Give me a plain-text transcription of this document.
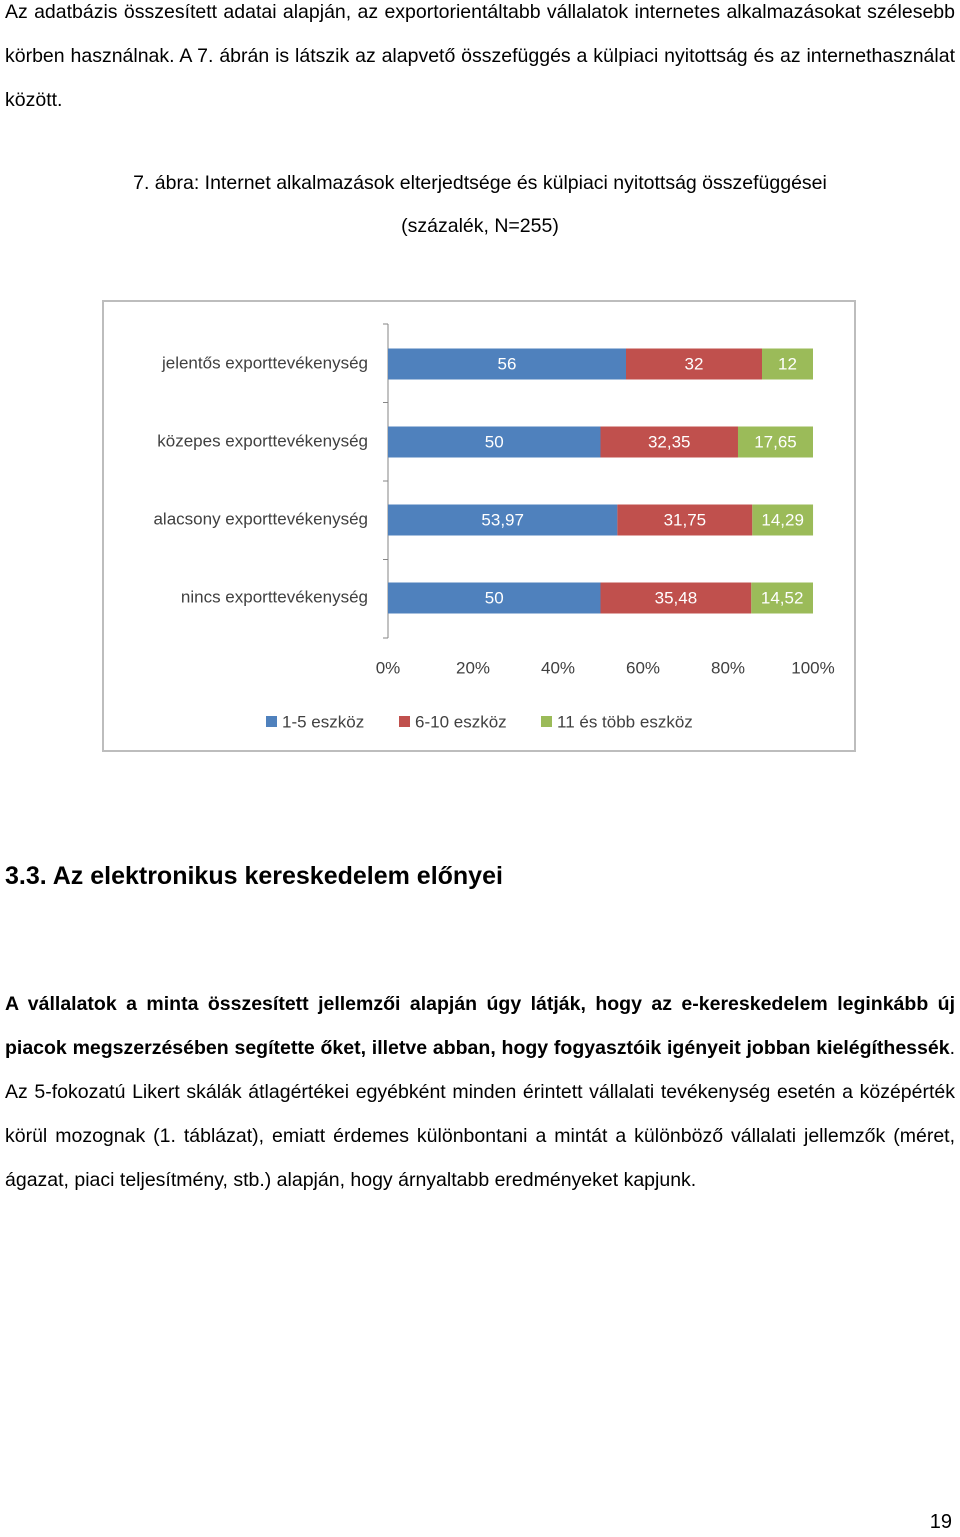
Az adatbázis összesített adatai alapján, az exportorientáltabb vállalatok internetes alkalmazásokat szélesebb körben használnak. A 7. ábrán is látszik az alapvető összefüggés a külpiaci nyitottság és az internethasználat között.

7. ábra: Internet alkalmazások elterjedtsége és külpiaci nyitottság összefüggései

(százalék, N=255)

jelentős exporttevékenység	56	32	12
közepes exporttevékenység	50	32,35	17,65
alacsony exporttevékenység	53,97	31,75	14,29
nincs exporttevékenység	50	35,48	14,52
0%	20%	40%	60%	80%	100%
1-5 eszköz	6-10 eszköz	11 és több eszköz
3.3. Az elektronikus kereskedelem előnyei

A vállalatok a minta összesített jellemzői alapján úgy látják, hogy az e-kereskedelem leginkább új piacok megszerzésében segítette őket, illetve abban, hogy fogyasztóik igényeit jobban kielégíthessék. Az 5-fokozatú Likert skálák átlagértékei egyébként minden érintett vállalati tevékenység esetén a középérték körül mozognak (1. táblázat), emiatt érdemes különbontani a mintát a különböző vállalati jellemzők (méret, ágazat, piaci teljesítmény, stb.) alapján, hogy árnyaltabb eredményeket kapjunk.

19
